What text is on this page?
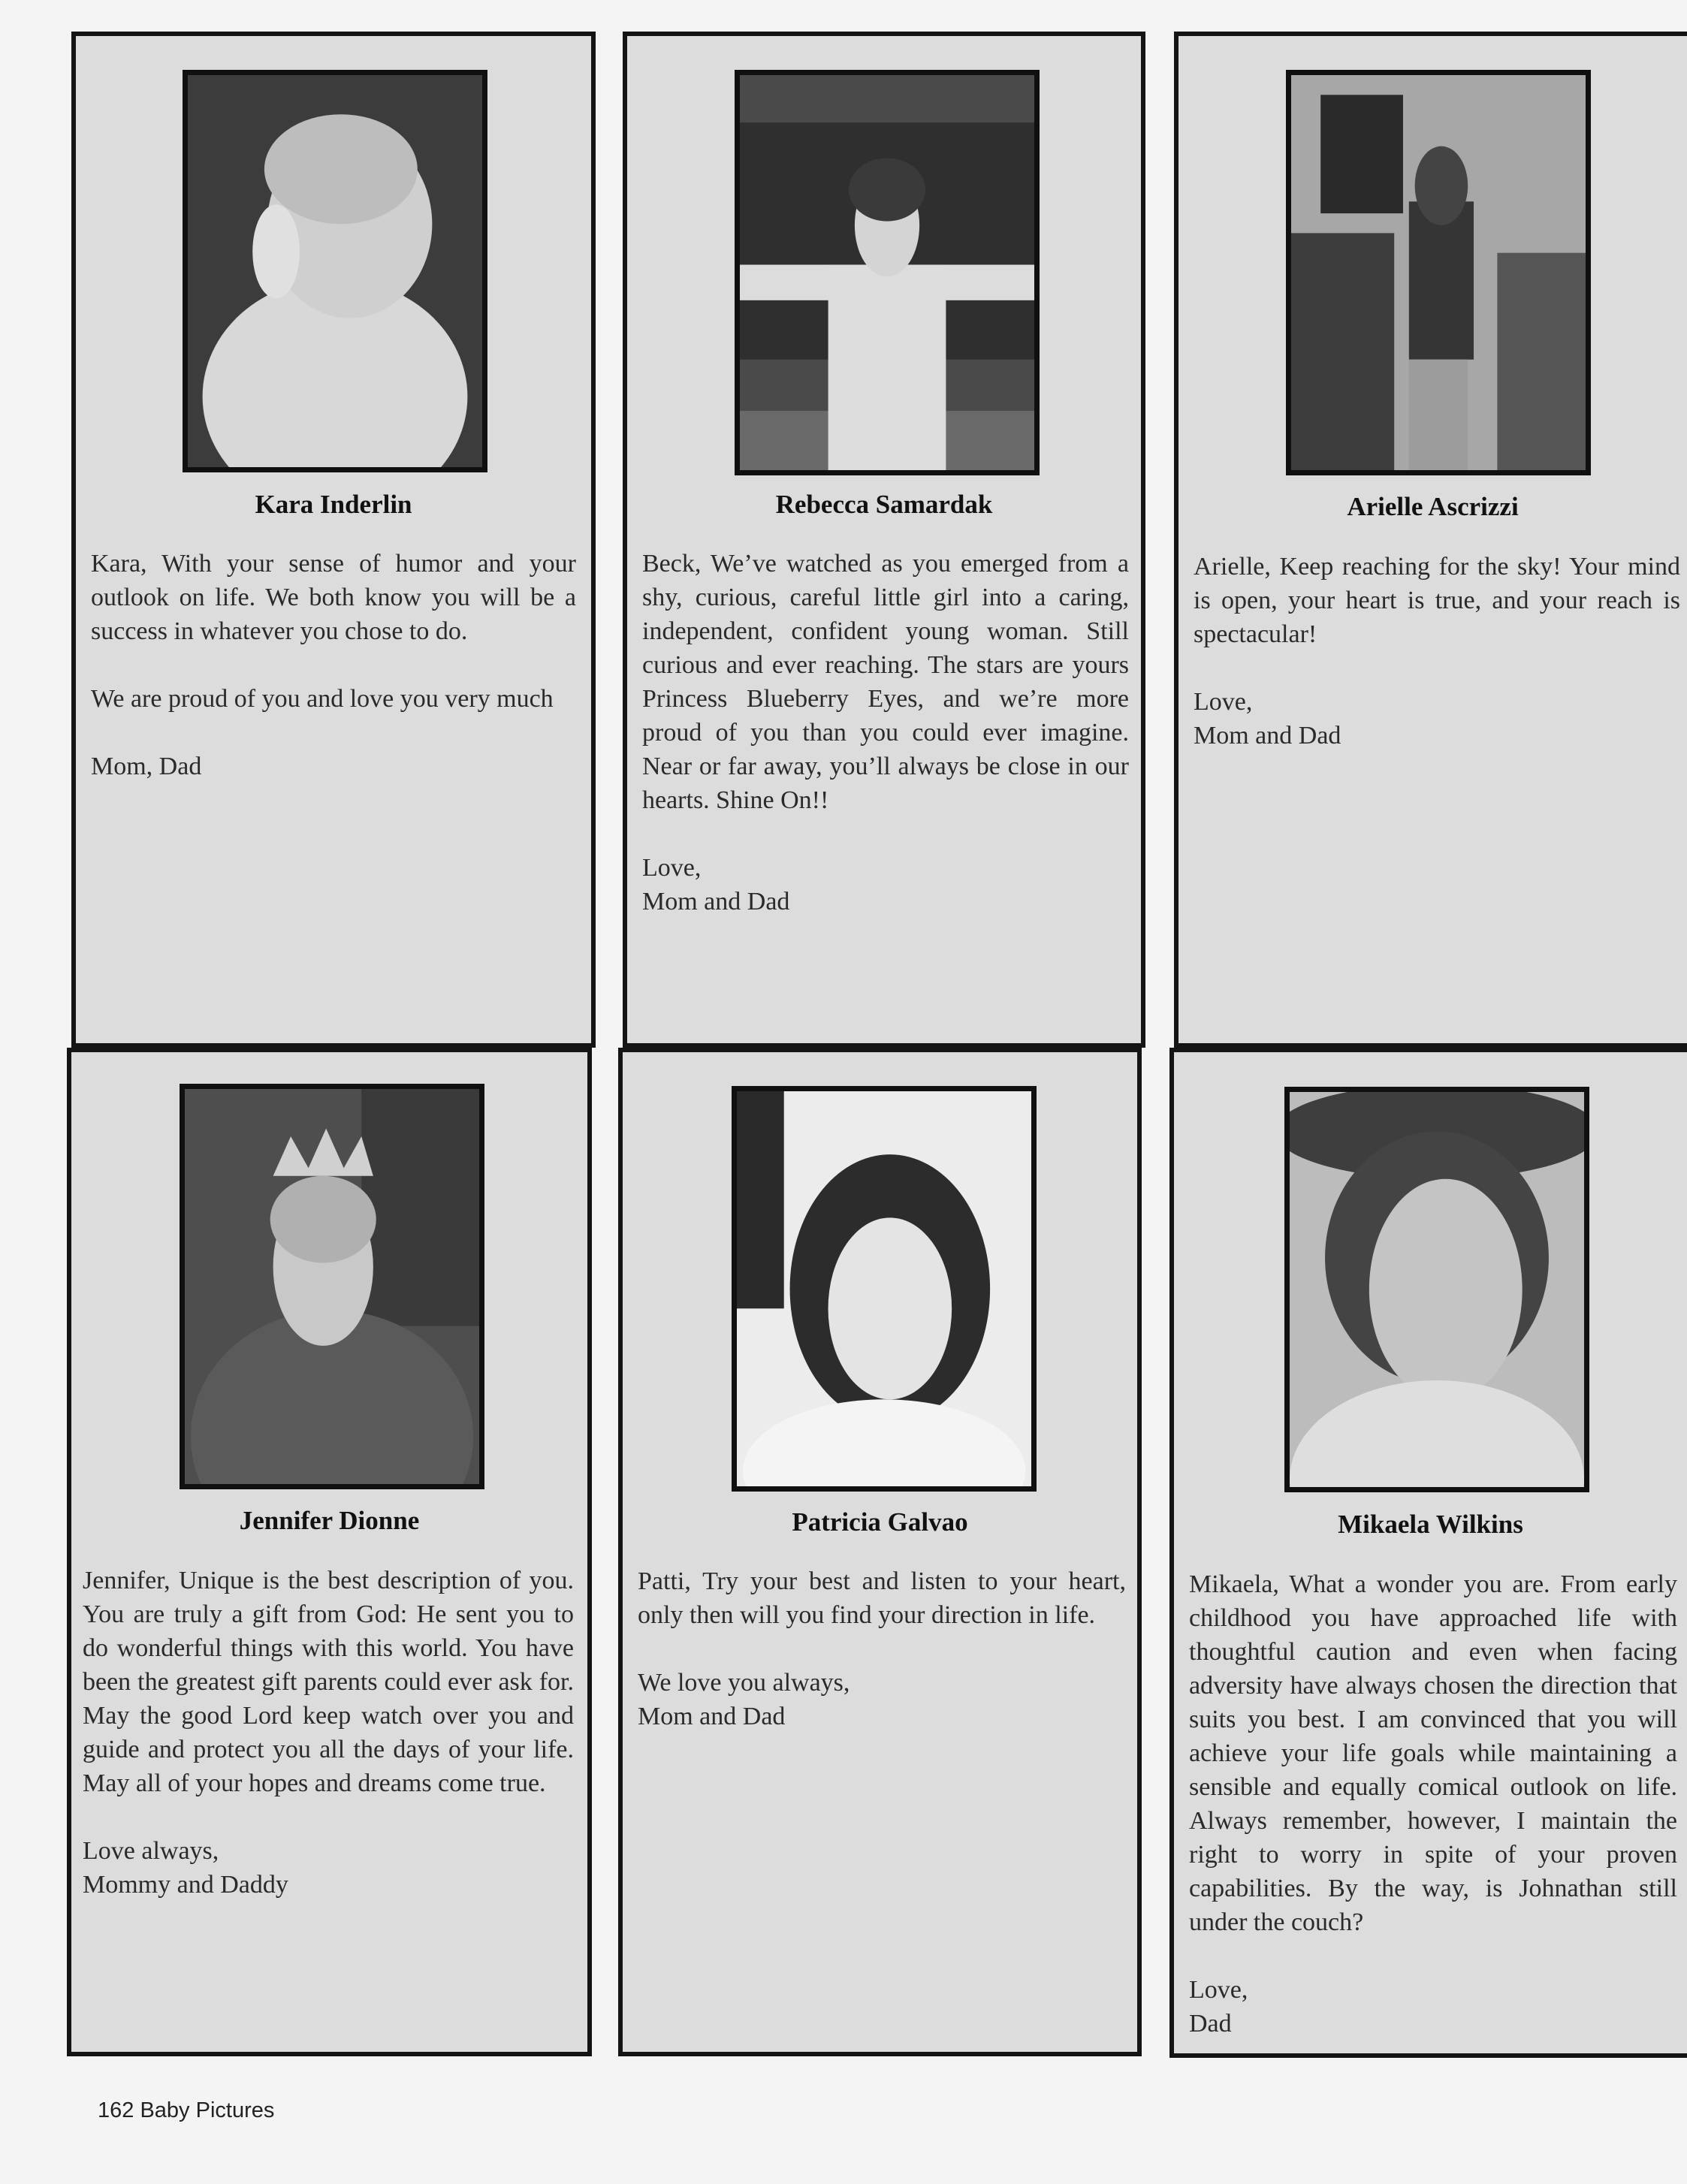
Kara Inderlin

Kara, With your sense of humor and your outlook on life. We both know you will be a success in whatever you chose to do.

We are proud of you and love you very much

Mom, Dad

Rebecca Samardak

Beck, We’ve watched as you emerged from a shy, curious, careful little girl into a caring, independent, confident young woman. Still curious and ever reaching. The stars are yours Princess Blueberry Eyes, and we’re more proud of you than you could ever imagine. Near or far away, you’ll always be close in our hearts. Shine On!!

Love,
Mom and Dad

Arielle Ascrizzi

Arielle, Keep reaching for the sky! Your mind is open, your heart is true, and your reach is spectacular!

Love,
Mom and Dad

Jennifer Dionne

Jennifer, Unique is the best description of you. You are truly a gift from God: He sent you to do wonderful things with this world. You have been the greatest gift parents could ever ask for. May the good Lord keep watch over you and guide and protect you all the days of your life. May all of your hopes and dreams come true.

Love always,
Mommy and Daddy

Patricia Galvao

Patti, Try your best and listen to your heart, only then will you find your direction in life.

We love you always,
Mom and Dad

Mikaela Wilkins

Mikaela, What a wonder you are. From early childhood you have approached life with thoughtful caution and even when facing adversity have always chosen the direction that suits you best. I am convinced that you will achieve your life goals while maintaining a sensible and equally comical outlook on life. Always remember, however, I maintain the right to worry in spite of your proven capabilities. By the way, is Johnathan still under the couch?

Love,
Dad

162 Baby Pictures
